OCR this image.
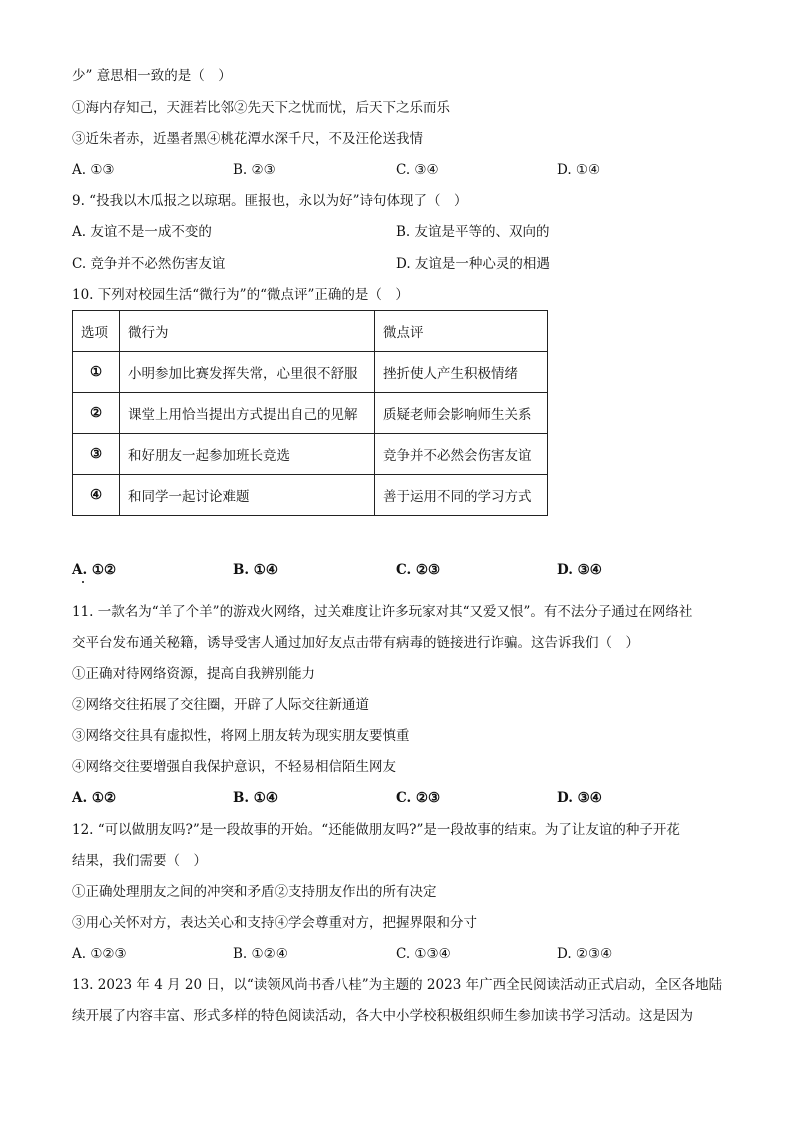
少” 意思相一致的是（　）
①海内存知己，天涯若比邻②先天下之忧而忧，后天下之乐而乐
③近朱者赤，近墨者黑④桃花潭水深千尺，不及汪伦送我情
A. ①③	B. ②③	C. ③④	D. ①④
9. “投我以木瓜报之以琼琚。匪报也，永以为好”诗句体现了（　）
A. 友谊不是一成不变的	B. 友谊是平等的、双向的
C. 竞争并不必然伤害友谊	D. 友谊是一种心灵的相遇
10. 下列对校园生活“微行为”的“微点评”正确的是（　）
选项	微行为	微点评
①	小明参加比赛发挥失常，心里很不舒服	挫折使人产生积极情绪
②	课堂上用恰当提出方式提出自己的见解	质疑老师会影响师生关系
③	和好朋友一起参加班长竞选	竞争并不必然会伤害友谊
④	和同学一起讨论难题	善于运用不同的学习方式
A. ①②	B. ①④	C. ②③	D. ③④
11. 一款名为“羊了个羊”的游戏火网络，过关难度让许多玩家对其“又爱又恨”。有不法分子通过在网络社
交平台发布通关秘籍，诱导受害人通过加好友点击带有病毒的链接进行诈骗。这告诉我们（　）
①正确对待网络资源，提高自我辨别能力
②网络交往拓展了交往圈，开辟了人际交往新通道
③网络交往具有虚拟性，将网上朋友转为现实朋友要慎重
④网络交往要增强自我保护意识，不轻易相信陌生网友
A. ①②	B. ①④	C. ②③	D. ③④
12. “可以做朋友吗?”是一段故事的开始。“还能做朋友吗?”是一段故事的结束。为了让友谊的种子开花
结果，我们需要（　）
①正确处理朋友之间的冲突和矛盾②支持朋友作出的所有决定
③用心关怀对方，表达关心和支持④学会尊重对方，把握界限和分寸
A. ①②③	B. ①②④	C. ①③④	D. ②③④
13. 2023 年 4 月 20 日，以“读领风尚书香八桂”为主题的 2023 年广西全民阅读活动正式启动，全区各地陆
续开展了内容丰富、形式多样的特色阅读活动，各大中小学校积极组织师生参加读书学习活动。这是因为
